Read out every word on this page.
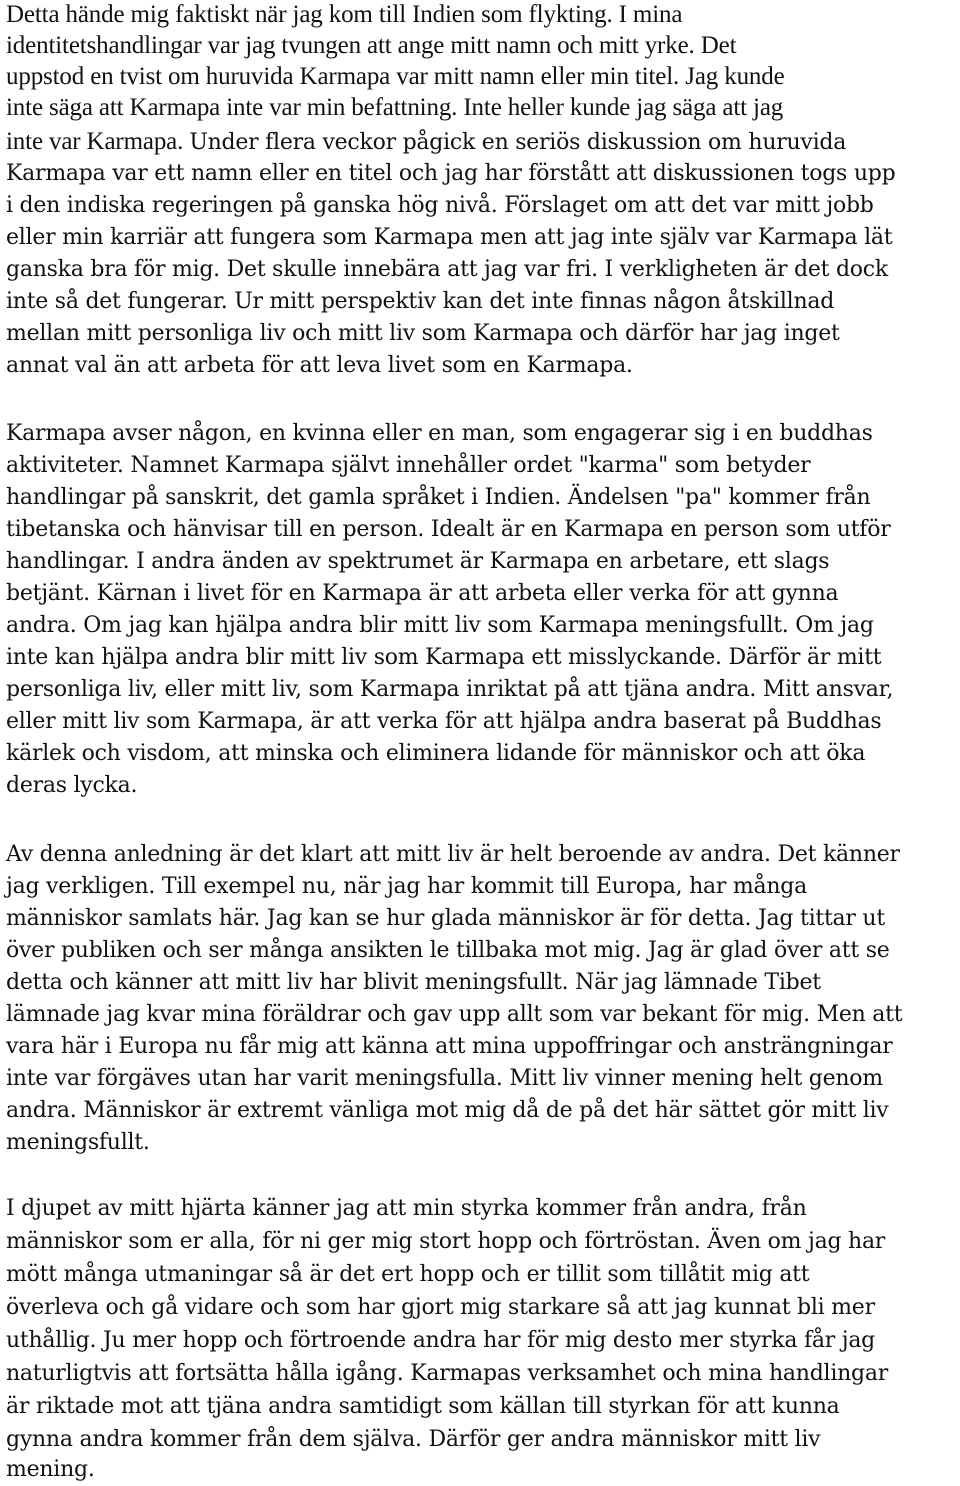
Detta hände mig faktiskt när jag kom till Indien som flykting. I mina
identitetshandlingar var jag tvungen att ange mitt namn och mitt yrke. Det
uppstod en tvist om huruvida Karmapa var mitt namn eller min titel. Jag kunde
inte säga att Karmapa inte var min befattning. Inte heller kunde jag säga att jag
inte var Karmapa. Under flera veckor pågick en seriös diskussion om huruvida
Karmapa var ett namn eller en titel och jag har förstått att diskussionen togs upp
i den indiska regeringen på ganska hög nivå. Förslaget om att det var mitt jobb
eller min karriär att fungera som Karmapa men att jag inte själv var Karmapa lät
ganska bra för mig. Det skulle innebära att jag var fri. I verkligheten är det dock
inte så det fungerar. Ur mitt perspektiv kan det inte finnas någon åtskillnad
mellan mitt personliga liv och mitt liv som Karmapa och därför har jag inget
annat val än att arbeta för att leva livet som en Karmapa.
Karmapa avser någon, en kvinna eller en man, som engagerar sig i en buddhas
aktiviteter. Namnet Karmapa självt innehåller ordet "karma" som betyder
handlingar på sanskrit, det gamla språket i Indien. Ändelsen "pa" kommer från
tibetanska och hänvisar till en person. Idealt är en Karmapa en person som utför
handlingar. I andra änden av spektrumet är Karmapa en arbetare, ett slags
betjänt. Kärnan i livet för en Karmapa är att arbeta eller verka för att gynna
andra. Om jag kan hjälpa andra blir mitt liv som Karmapa meningsfullt. Om jag
inte kan hjälpa andra blir mitt liv som Karmapa ett misslyckande. Därför är mitt
personliga liv, eller mitt liv, som Karmapa inriktat på att tjäna andra. Mitt ansvar,
eller mitt liv som Karmapa, är att verka för att hjälpa andra baserat på Buddhas
kärlek och visdom, att minska och eliminera lidande för människor och att öka
deras lycka.
Av denna anledning är det klart att mitt liv är helt beroende av andra. Det känner
jag verkligen. Till exempel nu, när jag har kommit till Europa, har många
människor samlats här. Jag kan se hur glada människor är för detta. Jag tittar ut
över publiken och ser många ansikten le tillbaka mot mig. Jag är glad över att se
detta och känner att mitt liv har blivit meningsfullt. När jag lämnade Tibet
lämnade jag kvar mina föräldrar och gav upp allt som var bekant för mig. Men att
vara här i Europa nu får mig att känna att mina uppoffringar och ansträngningar
inte var förgäves utan har varit meningsfulla. Mitt liv vinner mening helt genom
andra. Människor är extremt vänliga mot mig då de på det här sättet gör mitt liv
meningsfullt.
I djupet av mitt hjärta känner jag att min styrka kommer från andra, från
människor som er alla, för ni ger mig stort hopp och förtröstan. Även om jag har
mött många utmaningar så är det ert hopp och er tillit som tillåtit mig att
överleva och gå vidare och som har gjort mig starkare så att jag kunnat bli mer
uthållig. Ju mer hopp och förtroende andra har för mig desto mer styrka får jag
naturligtvis att fortsätta hålla igång. Karmapas verksamhet och mina handlingar
är riktade mot att tjäna andra samtidigt som källan till styrkan för att kunna
gynna andra kommer från dem själva. Därför ger andra människor mitt liv
mening.
